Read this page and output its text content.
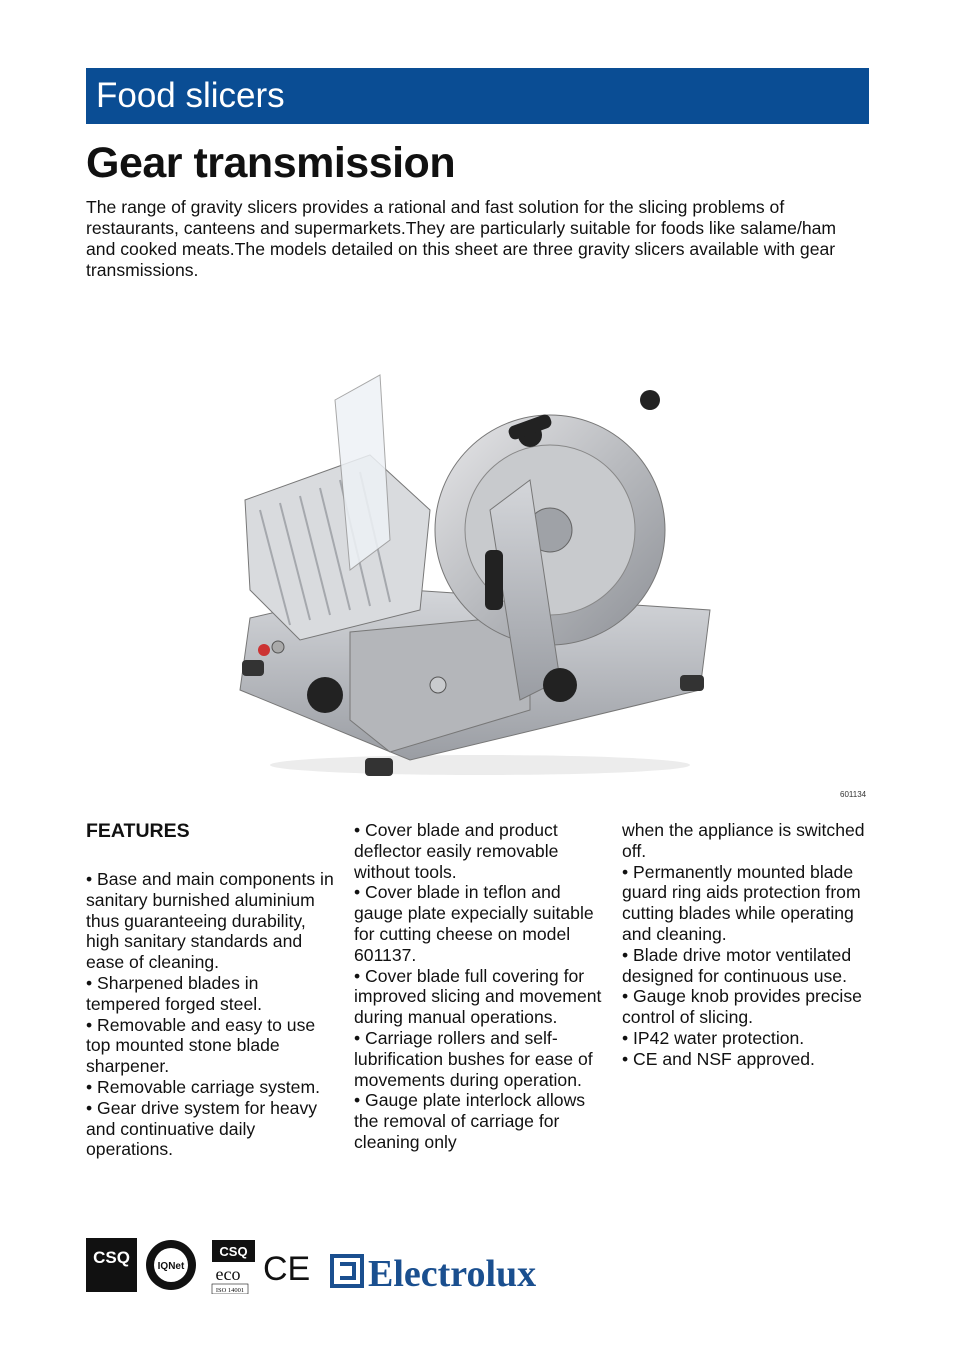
Food slicers
Gear transmission

The range of gravity slicers provides a rational and fast solution for the slicing problems of restaurants, canteens and supermarkets.They are particularly suitable for foods like salame/ham and cooked meats.The models detailed on this sheet are three gravity slicers available with gear transmissions.

601134
FEATURES

• Base and main components in sanitary burnished aluminium thus guaranteeing durability, high sanitary standards and ease of cleaning.

• Sharpened blades in tempered forged steel.

• Removable and easy to use top mounted stone blade sharpener.

• Removable carriage system.

• Gear drive system for heavy and continuative daily operations.

• Cover blade and product deflector easily removable without tools.

• Cover blade in teflon and gauge plate expecially suitable for cutting cheese on model 601137.

• Cover blade full covering for improved slicing and movement during manual operations.

• Carriage rollers and self-lubrification bushes for ease of movements during operation.

• Gauge plate interlock allows the removal of carriage for cleaning only

when the appliance is switched off.

• Permanently mounted blade guard ring aids protection from cutting blades while operating and cleaning.

• Blade drive motor ventilated designed for continuous use.

• Gauge knob provides precise control of slicing.

• IP42 water protection.

• CE and NSF approved.

CSQ	IQNet
CSQ
eco
ISO 14001
CE Electrolux
